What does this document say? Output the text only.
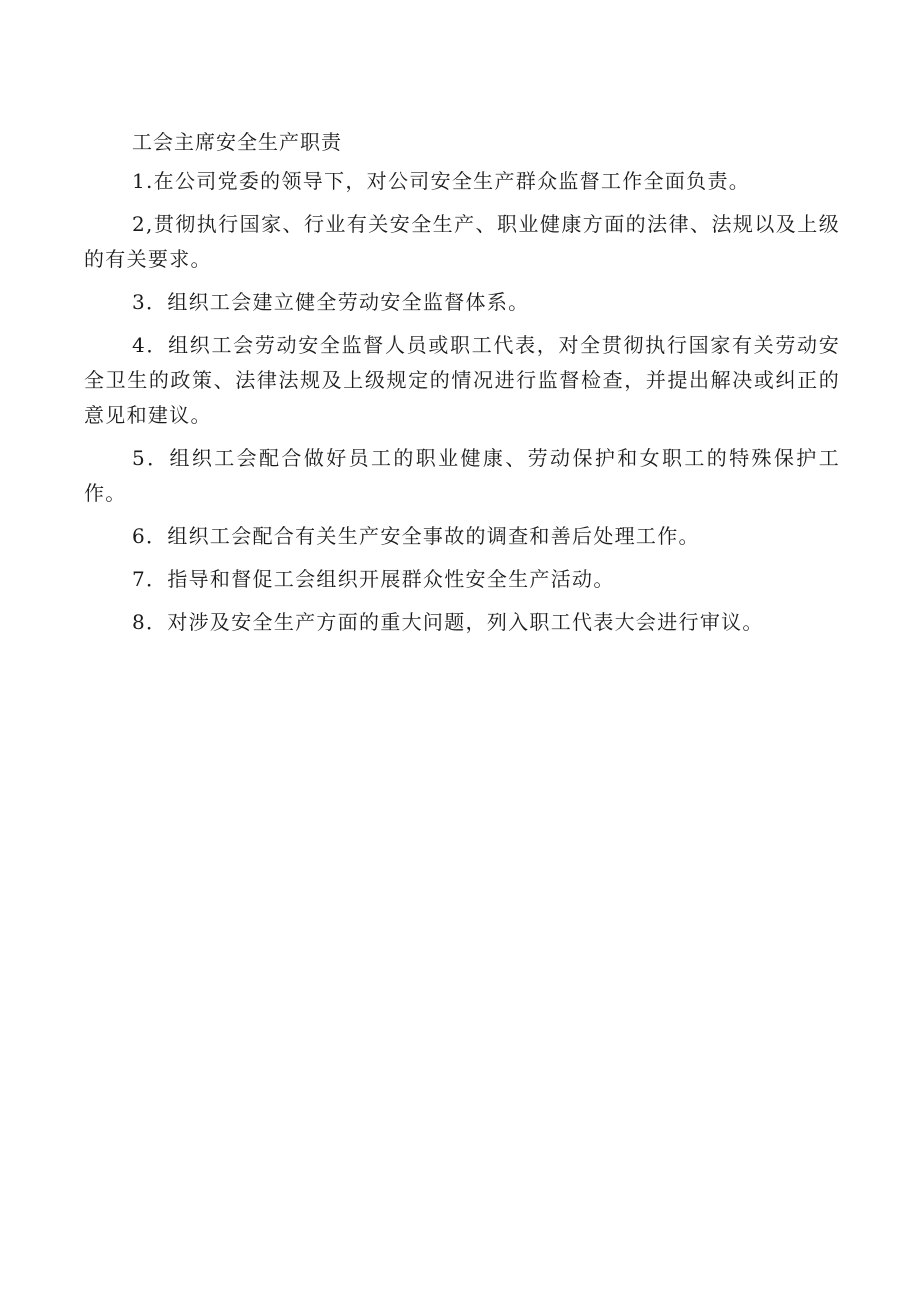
工会主席安全生产职责

1.在公司党委的领导下，对公司安全生产群众监督工作全面负责。

2,贯彻执行国家、行业有关安全生产、职业健康方面的法律、法规以及上级的有关要求。

3．组织工会建立健全劳动安全监督体系。

4．组织工会劳动安全监督人员或职工代表，对全贯彻执行国家有关劳动安全卫生的政策、法律法规及上级规定的情况进行监督检查，并提出解决或纠正的意见和建议。

5．组织工会配合做好员工的职业健康、劳动保护和女职工的特殊保护工作。

6．组织工会配合有关生产安全事故的调查和善后处理工作。

7．指导和督促工会组织开展群众性安全生产活动。

8．对涉及安全生产方面的重大问题，列入职工代表大会进行审议。
